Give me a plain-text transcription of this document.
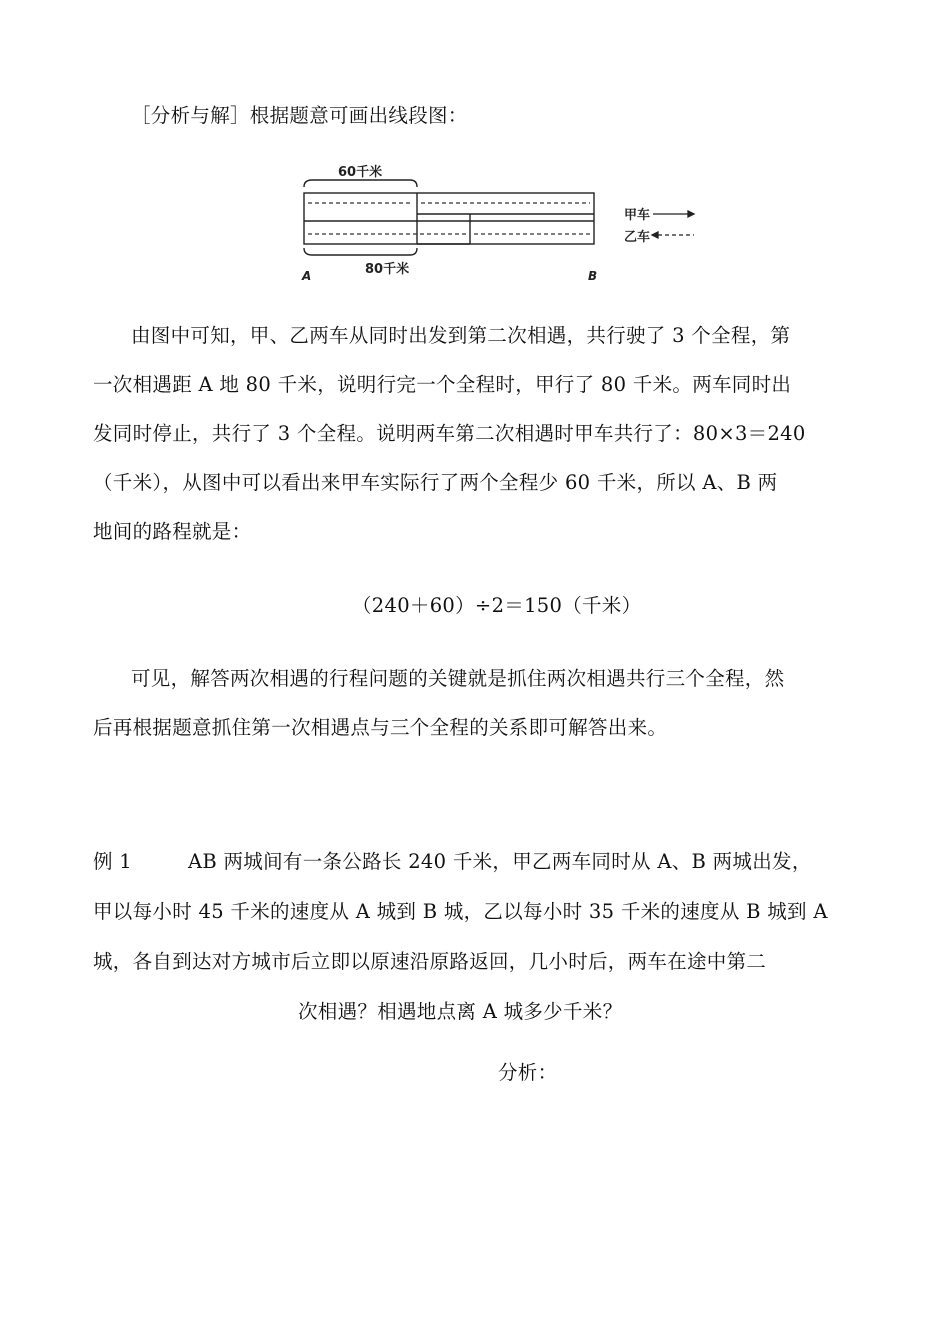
［分析与解］根据题意可画出线段图：
60千米
80千米
A	B
甲车
乙车
由图中可知，甲、乙两车从同时出发到第二次相遇，共行驶了 3 个全程，第
一次相遇距 A 地 80 千米，说明行完一个全程时，甲行了 80 千米。两车同时出
发同时停止，共行了 3 个全程。说明两车第二次相遇时甲车共行了：80×3＝240
（千米），从图中可以看出来甲车实际行了两个全程少 60 千米，所以 A、B 两
地间的路程就是：
（240＋60）÷2＝150（千米）
可见，解答两次相遇的行程问题的关键就是抓住两次相遇共行三个全程，然
后再根据题意抓住第一次相遇点与三个全程的关系即可解答出来。
例 1	AB 两城间有一条公路长 240 千米，甲乙两车同时从 A、B 两城出发，
甲以每小时 45 千米的速度从 A 城到 B 城，乙以每小时 35 千米的速度从 B 城到 A
城，各自到达对方城市后立即以原速沿原路返回，几小时后，两车在途中第二
次相遇？相遇地点离 A 城多少千米？
分析：
